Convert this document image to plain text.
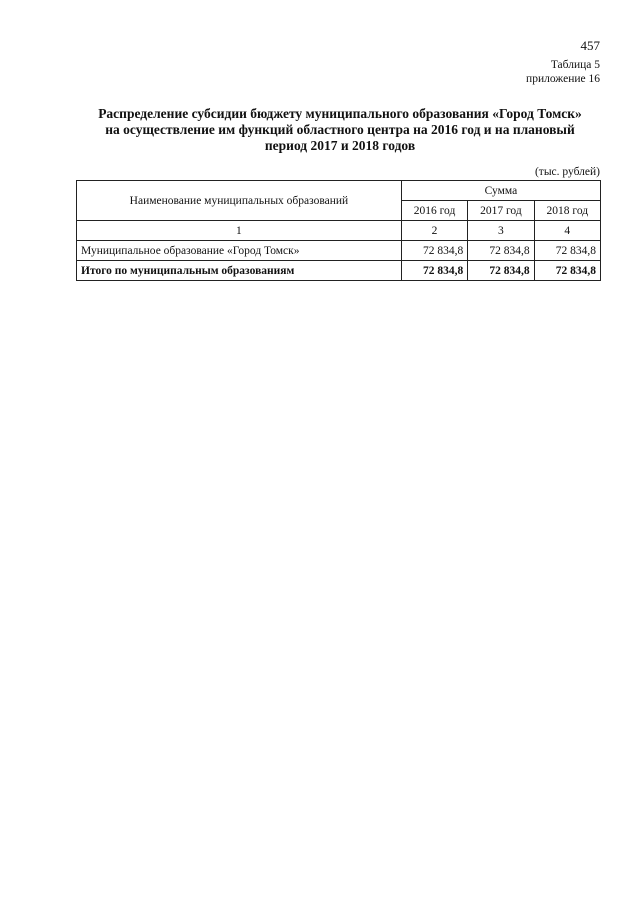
457
Таблица 5
приложение 16
Распределение субсидии бюджету муниципального образования «Город Томск»
на осуществление им функций областного центра на 2016 год и на плановый
период 2017 и 2018 годов
(тыс. рублей)
Наименование муниципальных образований	Сумма		
	2016 год	2017 год	2018 год
1	2	3	4
Муниципальное образование «Город Томск»	72 834,8	72 834,8	72 834,8
Итого по муниципальным образованиям	72 834,8	72 834,8	72 834,8
